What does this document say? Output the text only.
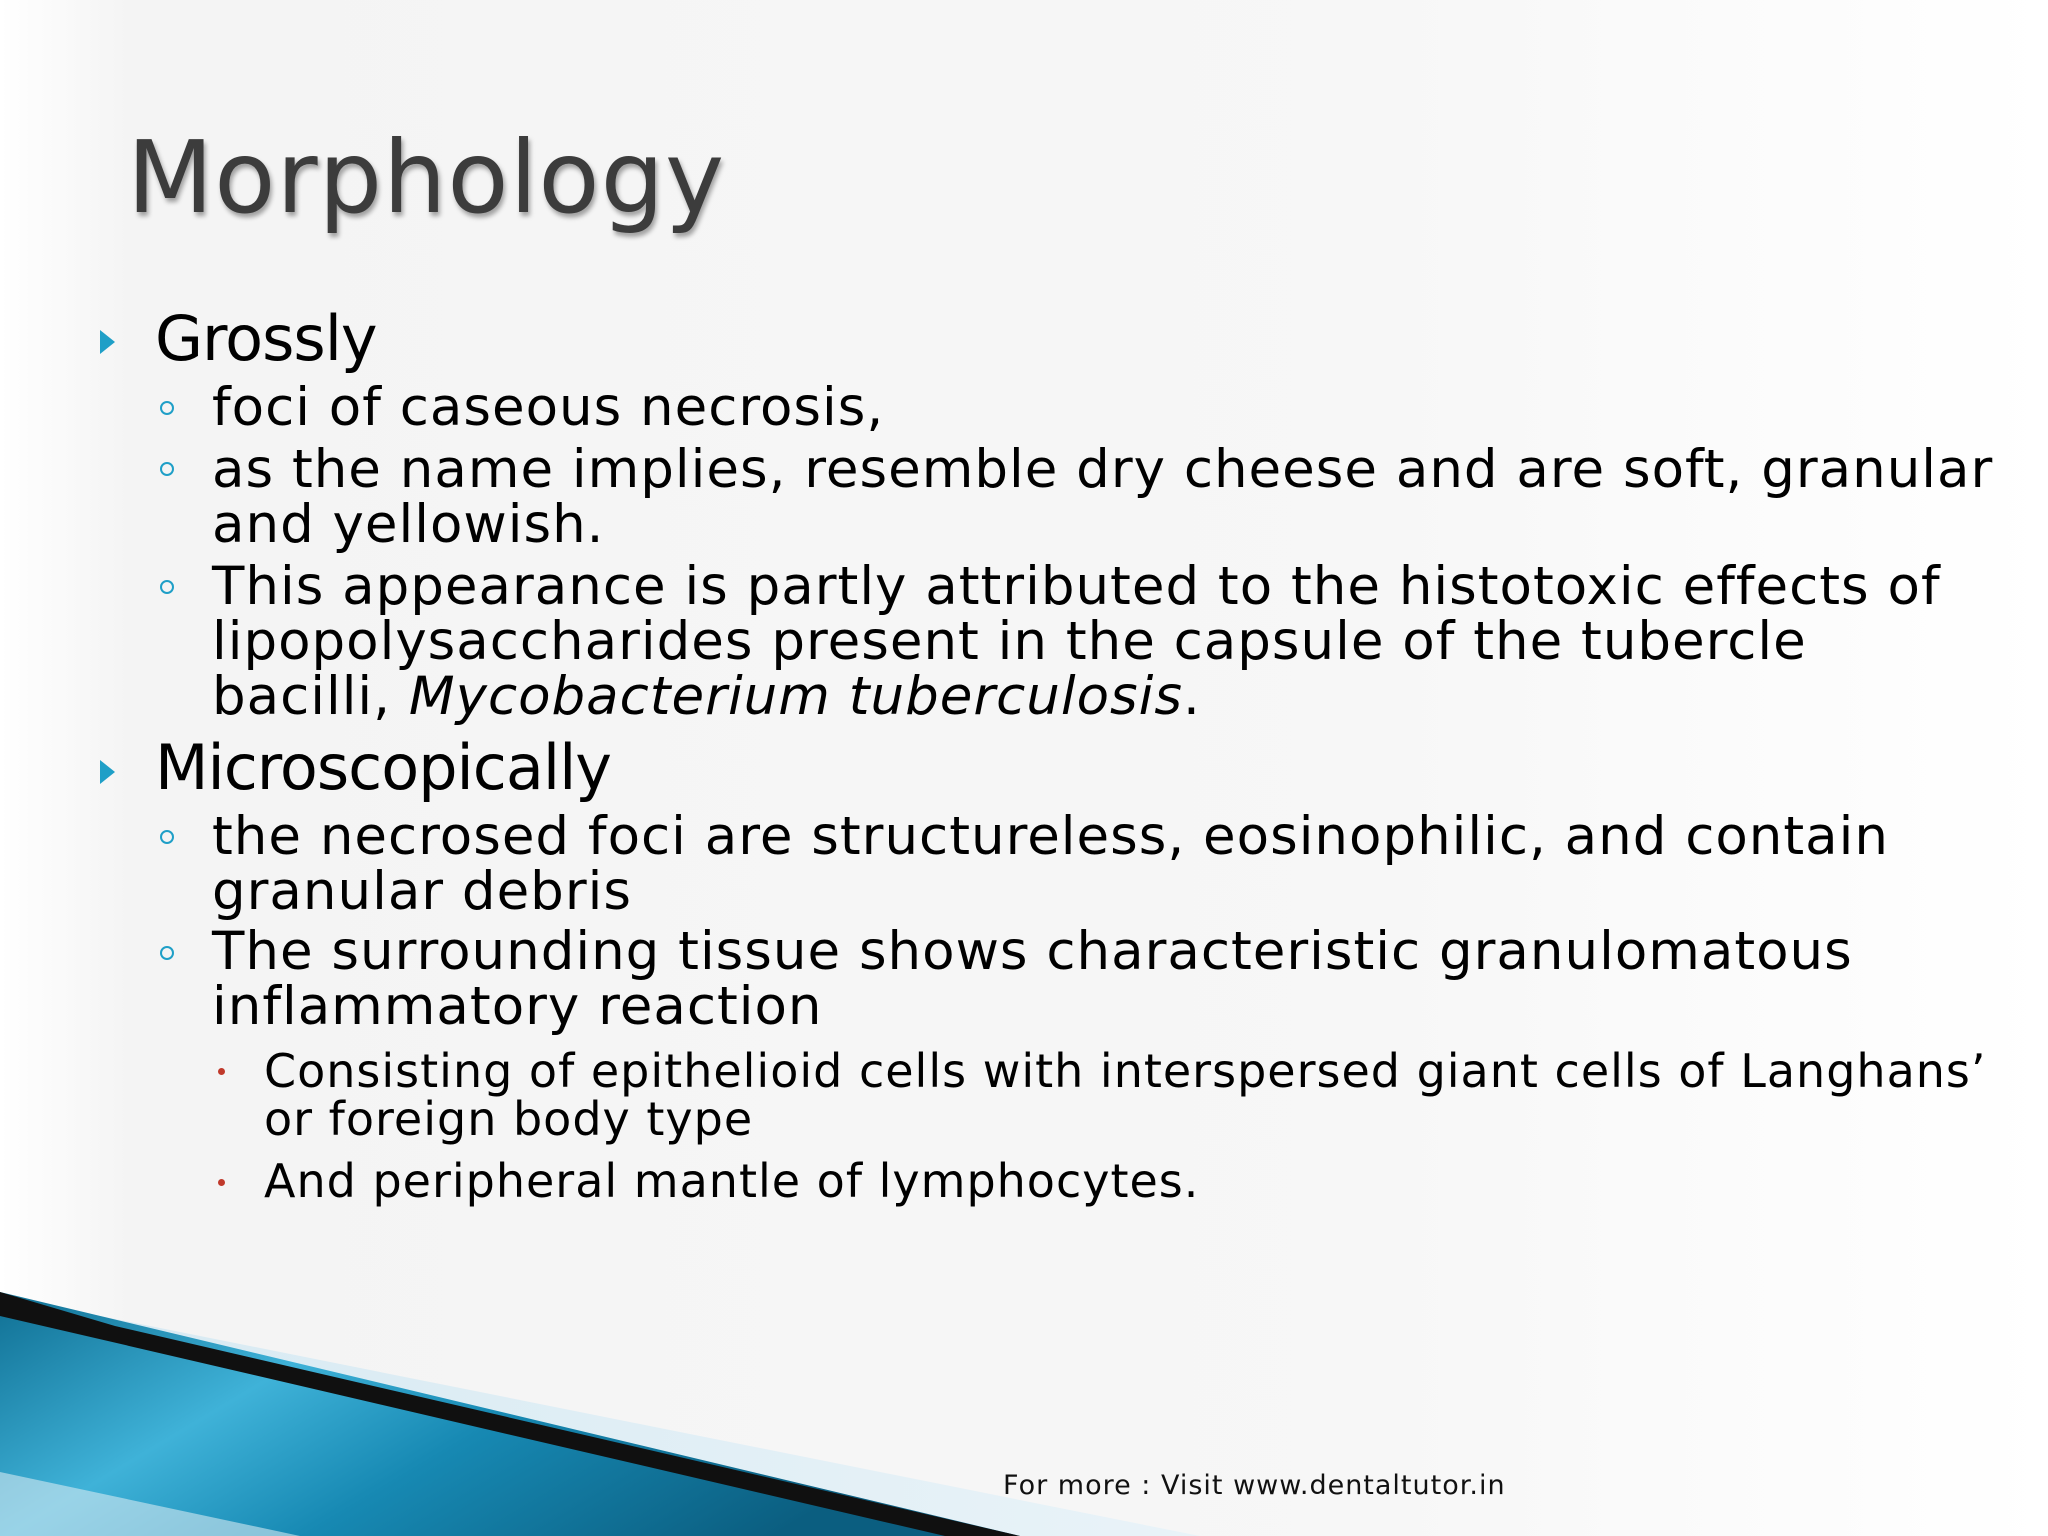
Morphology
Grossly
foci of caseous necrosis,
as the name implies, resemble dry cheese and are soft, granular and yellowish.
This appearance is partly attributed to the histotoxic effects of lipopolysaccharides present in the capsule of the tubercle bacilli, Mycobacterium tuberculosis.
Microscopically
the necrosed foci are structureless, eosinophilic, and contain granular debris
The surrounding tissue shows characteristic granulomatous inflammatory reaction
Consisting of epithelioid cells with interspersed giant cells of Langhans’ or foreign body type
And peripheral mantle of lymphocytes.
For more : Visit www.dentaltutor.in
